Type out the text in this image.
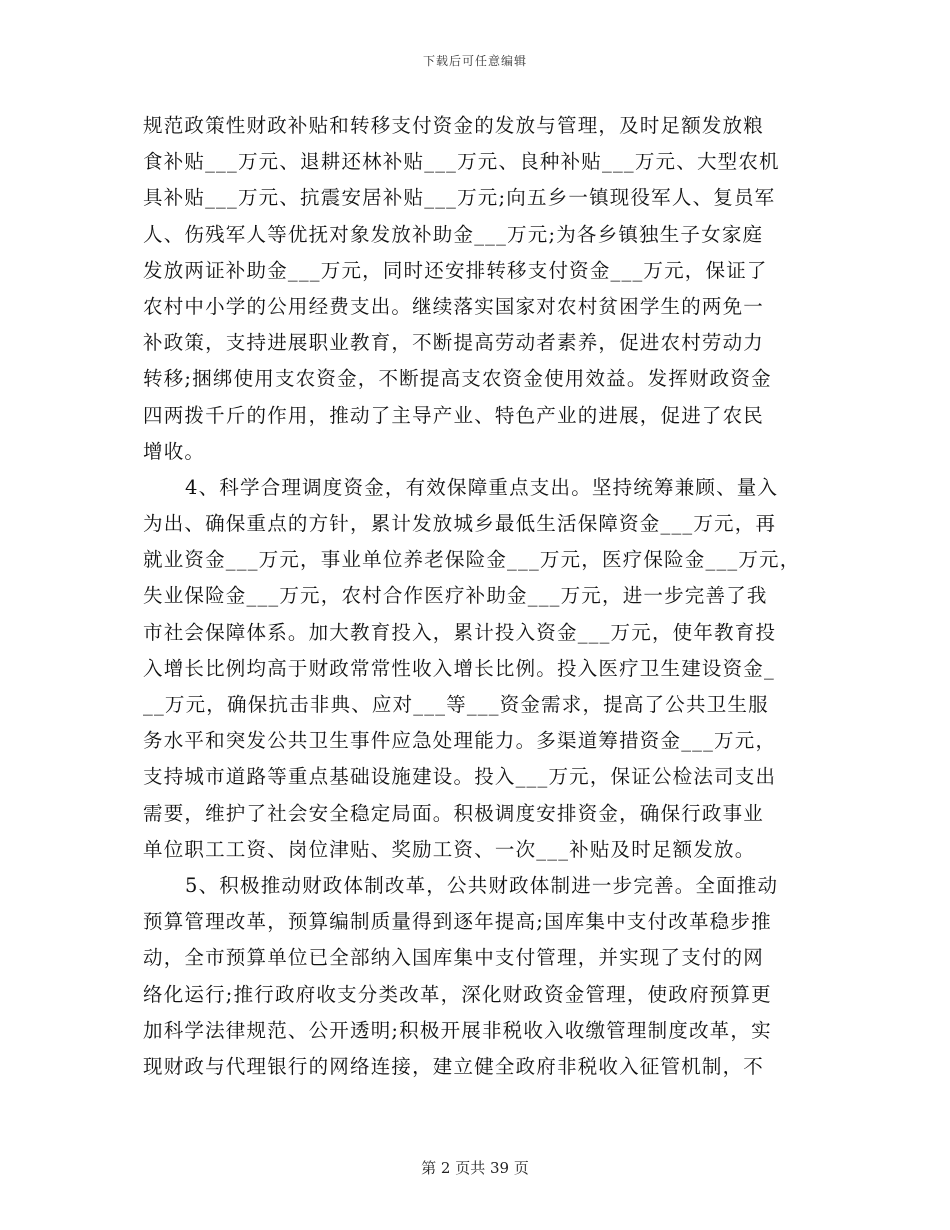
下载后可任意编辑
规范政策性财政补贴和转移支付资金的发放与管理，及时足额发放粮
食补贴___万元、退耕还林补贴___万元、良种补贴___万元、大型农机
具补贴___万元、抗震安居补贴___万元;向五乡一镇现役军人、复员军
人、伤残军人等优抚对象发放补助金___万元;为各乡镇独生子女家庭
发放两证补助金___万元，同时还安排转移支付资金___万元，保证了
农村中小学的公用经费支出。继续落实国家对农村贫困学生的两免一
补政策，支持进展职业教育，不断提高劳动者素养，促进农村劳动力
转移;捆绑使用支农资金，不断提高支农资金使用效益。发挥财政资金
四两拨千斤的作用，推动了主导产业、特色产业的进展，促进了农民
增收。
4、科学合理调度资金，有效保障重点支出。坚持统筹兼顾、量入
为出、确保重点的方针，累计发放城乡最低生活保障资金___万元，再
就业资金___万元，事业单位养老保险金___万元，医疗保险金___万元，
失业保险金___万元，农村合作医疗补助金___万元，进一步完善了我
市社会保障体系。加大教育投入，累计投入资金___万元，使年教育投
入增长比例均高于财政常常性收入增长比例。投入医疗卫生建设资金_
__万元，确保抗击非典、应对___等___资金需求，提高了公共卫生服
务水平和突发公共卫生事件应急处理能力。多渠道筹措资金___万元，
支持城市道路等重点基础设施建设。投入___万元，保证公检法司支出
需要，维护了社会安全稳定局面。积极调度安排资金，确保行政事业
单位职工工资、岗位津贴、奖励工资、一次___补贴及时足额发放。
5、积极推动财政体制改革，公共财政体制进一步完善。全面推动
预算管理改革，预算编制质量得到逐年提高;国库集中支付改革稳步推
动，全市预算单位已全部纳入国库集中支付管理，并实现了支付的网
络化运行;推行政府收支分类改革，深化财政资金管理，使政府预算更
加科学法律规范、公开透明;积极开展非税收入收缴管理制度改革，实
现财政与代理银行的网络连接，建立健全政府非税收入征管机制，不
第 2 页共 39 页
